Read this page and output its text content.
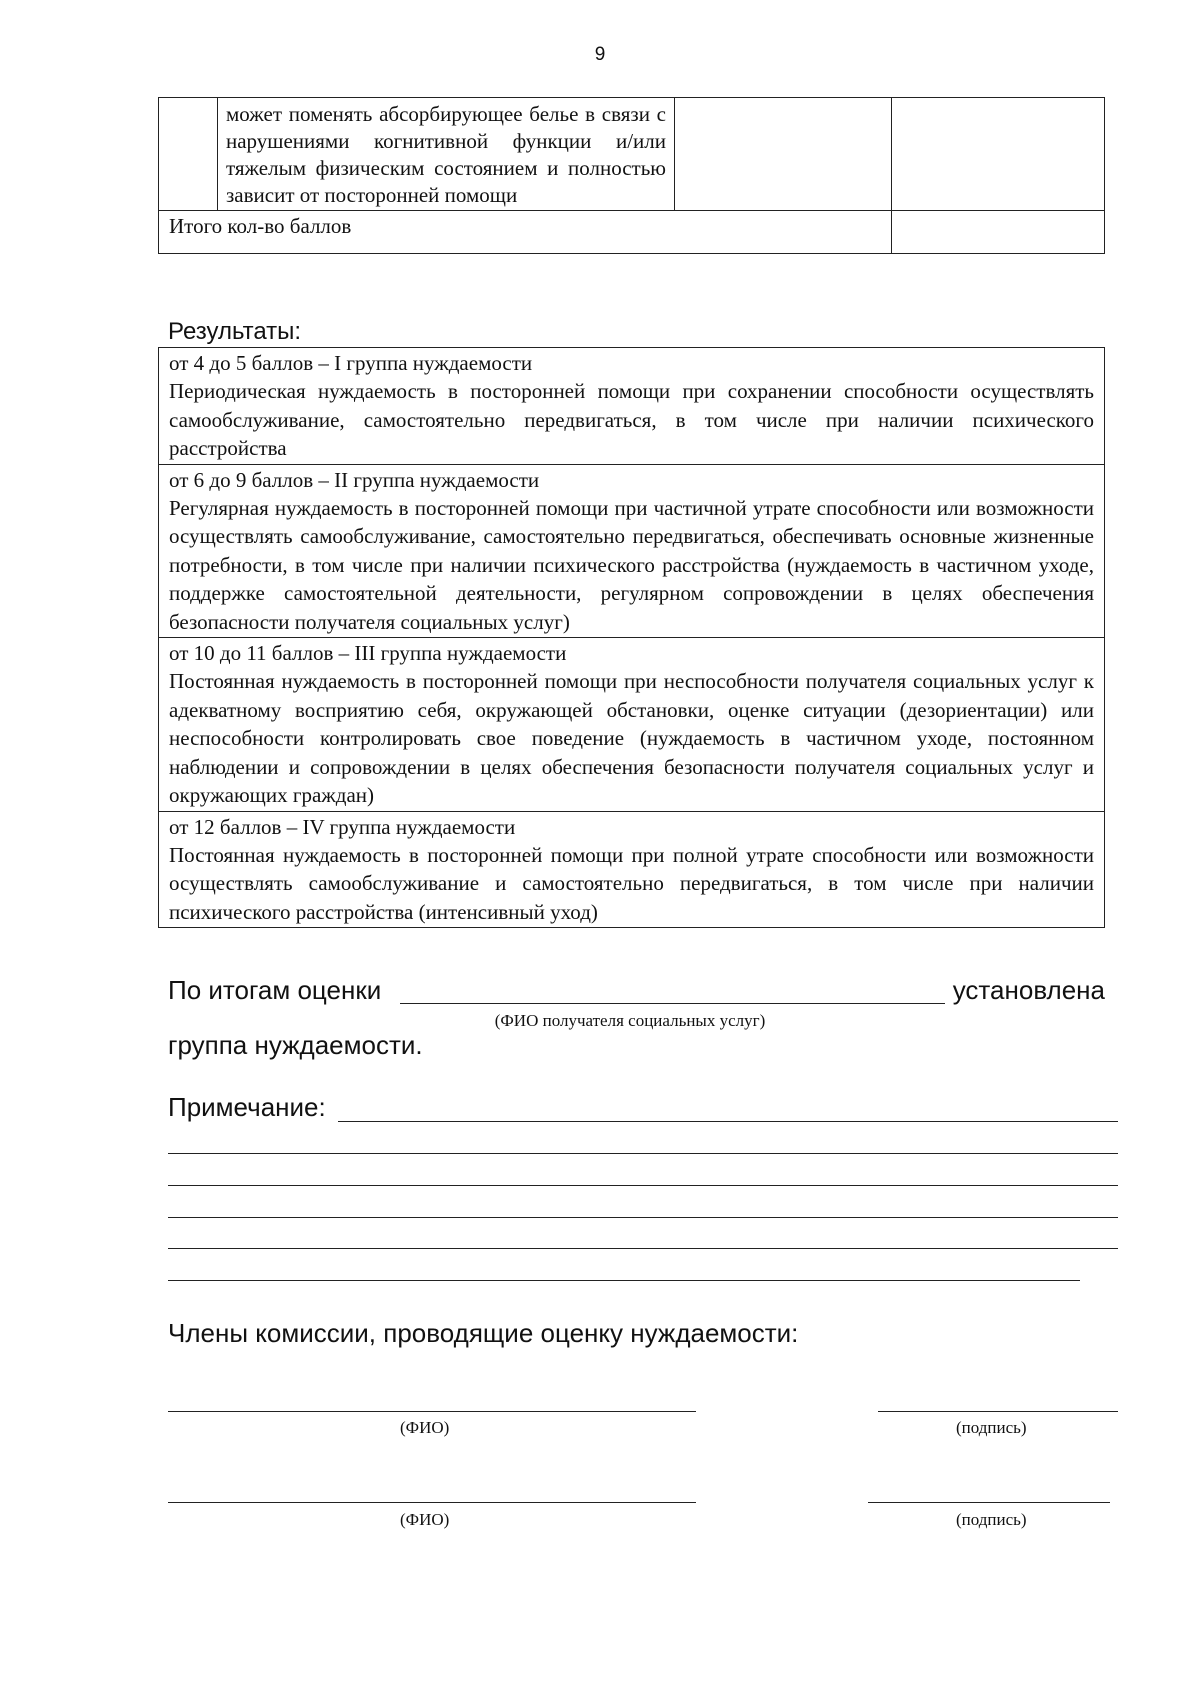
9
	может поменять абсорбирующее белье в связи с нарушениями когнитивной функции и/или тяжелым физическим состоянием и полностью зависит от посторонней помощи		
Итого кол-во баллов			
Результаты:
от 4 до 5 баллов – I группа нуждаемости
Периодическая нуждаемость в посторонней помощи при сохранении способности осуществлять самообслуживание, самостоятельно передвигаться, в том числе при наличии психического расстройства

от 6 до 9 баллов – II группа нуждаемости
Регулярная нуждаемость в посторонней помощи при частичной утрате способности или возможности осуществлять самообслуживание, самостоятельно передвигаться, обеспечивать основные жизненные потребности, в том числе при наличии психического расстройства (нуждаемость в частичном уходе, поддержке самостоятельной деятельности, регулярном сопровождении в целях обеспечения безопасности получателя социальных услуг)

от 10 до 11 баллов – III группа нуждаемости
Постоянная нуждаемость в посторонней помощи при неспособности получателя социальных услуг к адекватному восприятию себя, окружающей обстановки, оценке ситуации (дезориентации) или неспособности контролировать свое поведение (нуждаемость в частичном уходе, постоянном наблюдении и сопровождении в целях обеспечения безопасности получателя социальных услуг и окружающих граждан)

от 12 баллов – IV группа нуждаемости
Постоянная нуждаемость в посторонней помощи при полной утрате способности или возможности осуществлять самообслуживание и самостоятельно передвигаться, в том числе при наличии психического расстройства (интенсивный уход)
По итогам оценки	установлена
(ФИО получателя социальных услуг)
группа нуждаемости.
Примечание:
Члены комиссии, проводящие оценку нуждаемости:
(ФИО)	(подпись)
(ФИО)	(подпись)
